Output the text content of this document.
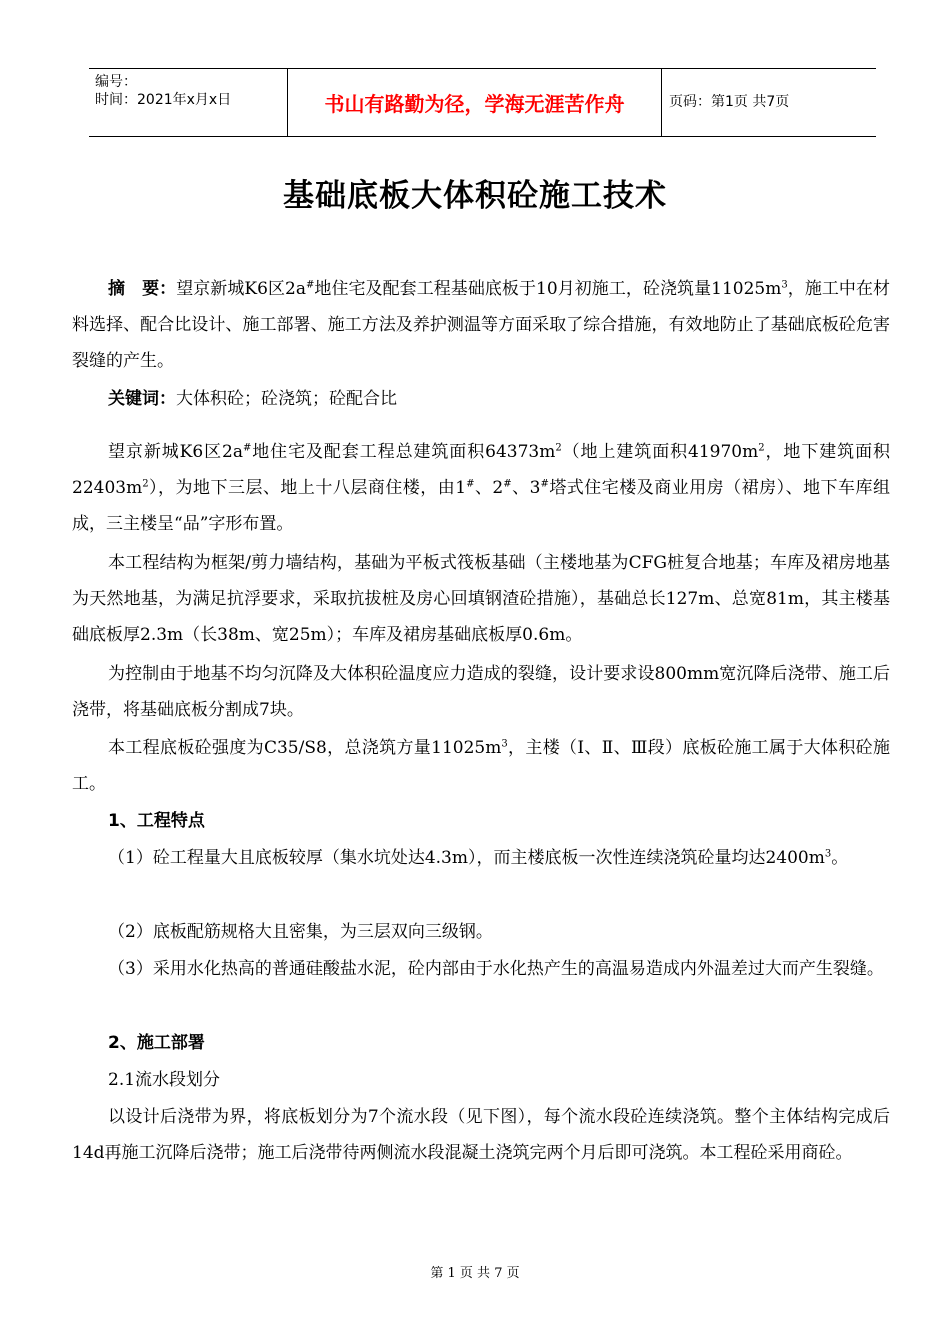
编号：
时间：2021年x月x日	书山有路勤为径，学海无涯苦作舟	页码：第1页 共7页
基础底板大体积砼施工技术

摘　要：望京新城K6区2a#地住宅及配套工程基础底板于10月初施工，砼浇筑量$11025m^3$，施工中在材料选择、配合比设计、施工部署、施工方法及养护测温等方面采取了综合措施，有效地防止了基础底板砼危害裂缝的产生。

关键词：大体积砼；砼浇筑；砼配合比

望京新城K6区2a#地住宅及配套工程总建筑面积$64373m^2$（地上建筑面积$41970m^2$，地下建筑面积$22403m^2$），为地下三层、地上十八层商住楼，由1#、2#、3#塔式住宅楼及商业用房（裙房）、地下车库组成，三主楼呈“品”字形布置。

本工程结构为框架/剪力墙结构，基础为平板式筏板基础（主楼地基为CFG桩复合地基；车库及裙房地基为天然地基，为满足抗浮要求，采取抗拔桩及房心回填钢渣砼措施），基础总长127m、总宽81m，其主楼基础底板厚2.3m（长38m、宽25m）；车库及裙房基础底板厚0.6m。

为控制由于地基不均匀沉降及大体积砼温度应力造成的裂缝，设计要求设800mm宽沉降后浇带、施工后浇带，将基础底板分割成7块。

本工程底板砼强度为C35/S8，总浇筑方量$11025m^3$，主楼（Ⅰ、Ⅱ、Ⅲ段）底板砼施工属于大体积砼施工。

1、工程特点

（1）砼工程量大且底板较厚（集水坑处达4.3m），而主楼底板一次性连续浇筑砼量均达$2400m^3$。

（2）底板配筋规格大且密集，为三层双向三级钢。

（3）采用水化热高的普通硅酸盐水泥，砼内部由于水化热产生的高温易造成内外温差过大而产生裂缝。

2、施工部署

2.1流水段划分

以设计后浇带为界，将底板划分为7个流水段（见下图），每个流水段砼连续浇筑。整个主体结构完成后14d再施工沉降后浇带；施工后浇带待两侧流水段混凝土浇筑完两个月后即可浇筑。本工程砼采用商砼。

第 1 页 共 7 页
